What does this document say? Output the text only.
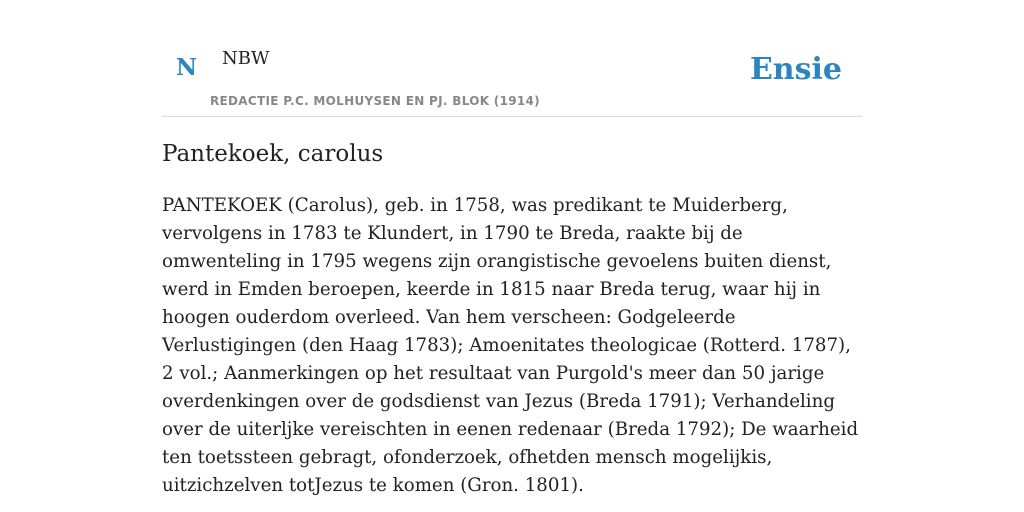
N NBW
REDACTIE P.C. MOLHUYSEN EN PJ. BLOK (1914)
Ensie
Pantekoek, carolus

PANTEKOEK (Carolus), geb. in 1758, was predikant te Muiderberg, vervolgens in 1783 te Klundert, in 1790 te Breda, raakte bij de omwenteling in 1795 wegens zijn orangistische gevoelens buiten dienst, werd in Emden beroepen, keerde in 1815 naar Breda terug, waar hij in hoogen ouderdom overleed. Van hem verscheen: Godgeleerde Verlustigingen (den Haag 1783); Amoenitates theologicae (Rotterd. 1787), 2 vol.; Aanmerkingen op het resultaat van Purgold's meer dan 50 jarige overdenkingen over de godsdienst van Jezus (Breda 1791); Verhandeling over de uiterljke vereischten in eenen redenaar (Breda 1792); De waarheid ten toetssteen gebragt, ofonderzoek, ofhetden mensch mogelijkis, uitzichzelven totJezus te komen (Gron. 1801).
